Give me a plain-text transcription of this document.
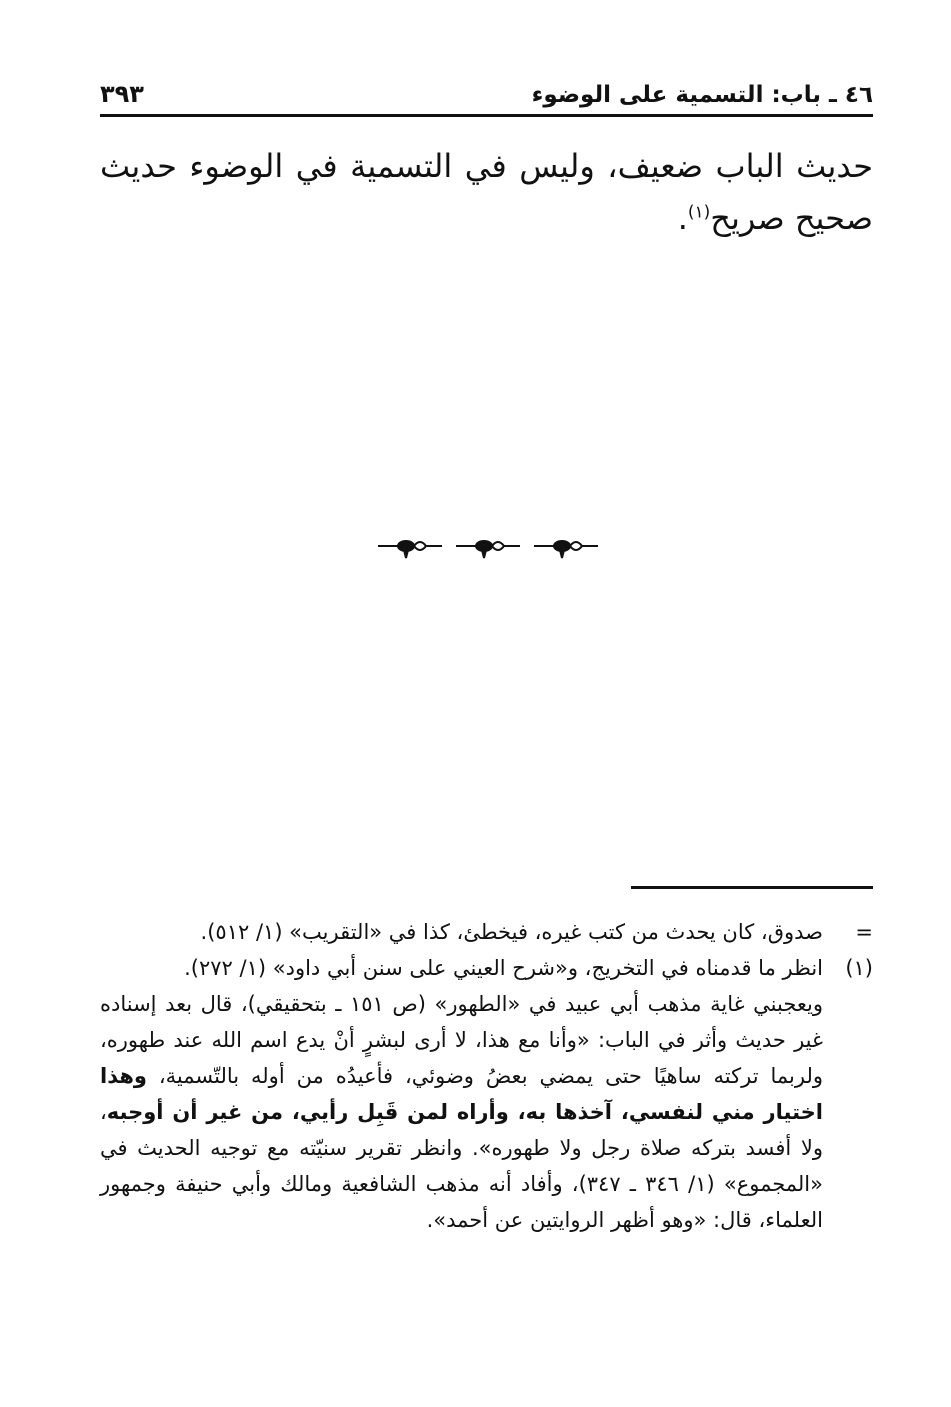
٤٦ ـ باب: التسمية على الوضوء
٣٩٣

حديث الباب ضعيف، وليس في التسمية في الوضوء حديث صحيح صريح$^{(١)}$.

=
صدوق، كان يحدث من كتب غيره، فيخطئ، كذا في «التقريب» (١/ ٥١٢).
(١)

انظر ما قدمناه في التخريج، و«شرح العيني على سنن أبي داود» (١/ ٢٧٢).

ويعجبني غاية مذهب أبي عبيد في «الطهور» (ص ١٥١ ـ بتحقيقي)، قال بعد إسناده غير حديث وأثر في الباب: «وأنا مع هذا، لا أرى لبشرٍ أنْ يدع اسم الله عند طهوره، ولربما تركته ساهيًا حتى يمضي بعضُ وضوئي، فأعيدُه من أوله بالتّسمية، وهذا اختيار مني لنفسي، آخذها به، وأراه لمن قَبِل رأيي، من غير أن أوجبه، ولا أفسد بتركه صلاة رجل ولا طهوره». وانظر تقرير سنيّته مع توجيه الحديث في «المجموع» (١/ ٣٤٦ ـ ٣٤٧)، وأفاد أنه مذهب الشافعية ومالك وأبي حنيفة وجمهور العلماء، قال: «وهو أظهر الروايتين عن أحمد».
